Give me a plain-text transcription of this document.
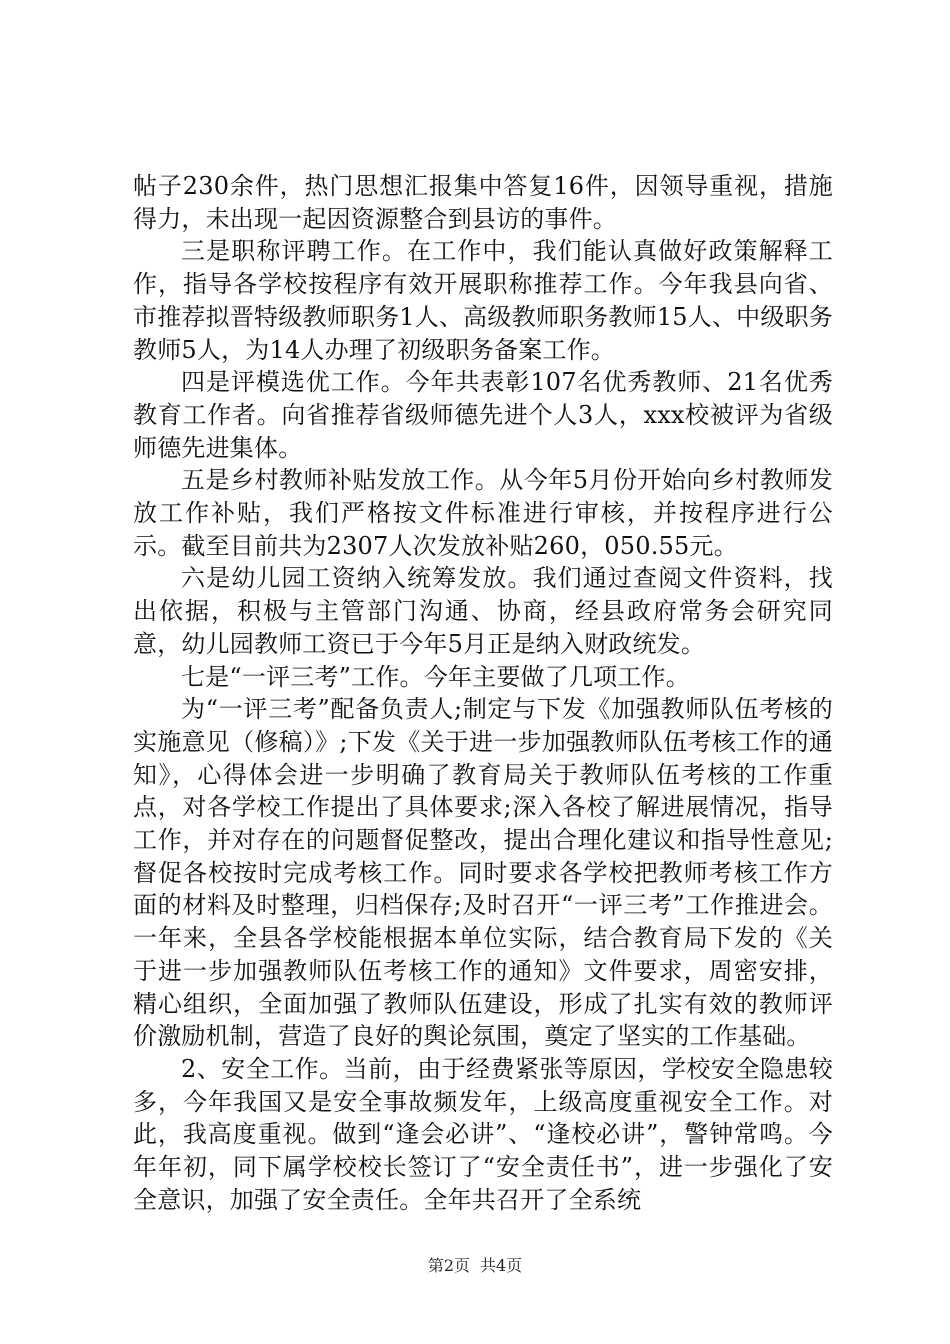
帖子230余件，热门思想汇报集中答复16件，因领导重视，措施得力，未出现一起因资源整合到县访的事件。

三是职称评聘工作。在工作中，我们能认真做好政策解释工作，指导各学校按程序有效开展职称推荐工作。今年我县向省、市推荐拟晋特级教师职务1人、高级教师职务教师15人、中级职务教师5人，为14人办理了初级职务备案工作。

四是评模选优工作。今年共表彰107名优秀教师、21名优秀教育工作者。向省推荐省级师德先进个人3人，xxx校被评为省级师德先进集体。

五是乡村教师补贴发放工作。从今年5月份开始向乡村教师发放工作补贴，我们严格按文件标准进行审核，并按程序进行公示。截至目前共为2307人次发放补贴260，050.55元。

六是幼儿园工资纳入统筹发放。我们通过查阅文件资料，找出依据，积极与主管部门沟通、协商，经县政府常务会研究同意，幼儿园教师工资已于今年5月正是纳入财政统发。

七是“一评三考”工作。今年主要做了几项工作。

为“一评三考”配备负责人;制定与下发《加强教师队伍考核的实施意见（修稿）》;下发《关于进一步加强教师队伍考核工作的通知》，心得体会进一步明确了教育局关于教师队伍考核的工作重点，对各学校工作提出了具体要求;深入各校了解进展情况，指导工作，并对存在的问题督促整改，提出合理化建议和指导性意见;督促各校按时完成考核工作。同时要求各学校把教师考核工作方面的材料及时整理，归档保存;及时召开“一评三考”工作推进会。一年来，全县各学校能根据本单位实际，结合教育局下发的《关于进一步加强教师队伍考核工作的通知》文件要求，周密安排，精心组织，全面加强了教师队伍建设，形成了扎实有效的教师评价激励机制，营造了良好的舆论氛围，奠定了坚实的工作基础。

2、安全工作。当前，由于经费紧张等原因，学校安全隐患较多，今年我国又是安全事故频发年，上级高度重视安全工作。对此，我高度重视。做到“逢会必讲”、“逢校必讲”，警钟常鸣。今年年初，同下属学校校长签订了“安全责任书”，进一步强化了安全意识，加强了安全责任。全年共召开了全系统

第2页 共4页
